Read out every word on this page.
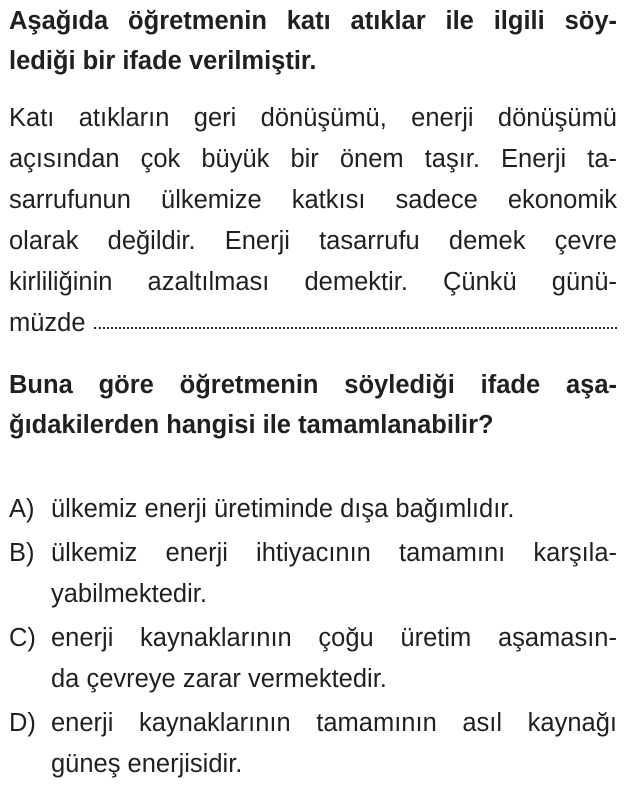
Aşağıda öğretmenin katı atıklar ile ilgili söy-
lediği bir ifade verilmiştir.
Katı atıkların geri dönüşümü, enerji dönüşümü
açısından çok büyük bir önem taşır. Enerji ta-
sarrufunun ülkemize katkısı sadece ekonomik
olarak değildir. Enerji tasarrufu demek çevre
kirliliğinin azaltılması demektir. Çünkü günü-
müzde
Buna göre öğretmenin söylediği ifade aşa-
ğıdakilerden hangisi ile tamamlanabilir?
A) ülkemiz enerji üretiminde dışa bağımlıdır.
B) ülkemiz enerji ihtiyacının tamamını karşıla-
yabilmektedir.
C) enerji kaynaklarının çoğu üretim aşamasın-
da çevreye zarar vermektedir.
D) enerji kaynaklarının tamamının asıl kaynağı
güneş enerjisidir.
